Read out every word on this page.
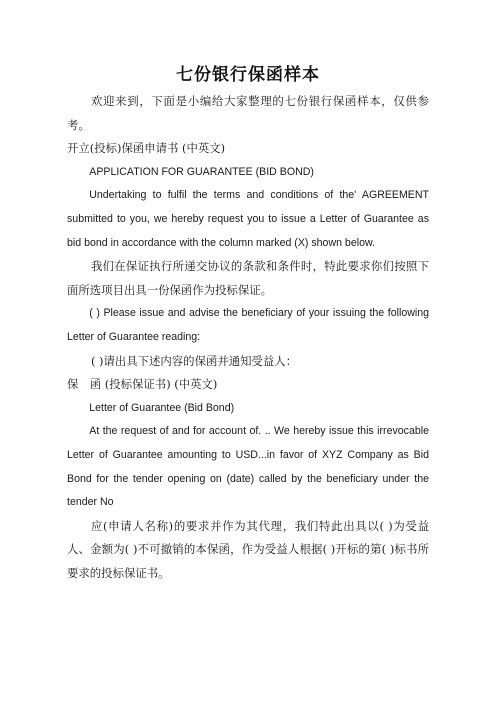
七份银行保函样本

欢迎来到，下面是小编给大家整理的七份银行保函样本，仅供参考。

开立(投标)保函申请书 (中英文)

APPLICATION FOR GUARANTEE (BID BOND)

Undertaking to fulfil the terms and conditions of the' AGREEMENT submitted to you, we hereby request you to issue a Letter of Guarantee as bid bond in accordance with the column marked (X) shown below.

我们在保证执行所递交协议的条款和条件时，特此要求你们按照下面所选项目出具一份保函作为投标保证。

( ) Please issue and advise the beneficiary of your issuing the following Letter of Guarantee reading:

( )请出具下述内容的保函并通知受益人：

保　函 (投标保证书) (中英文)

Letter of Guarantee (Bid Bond)

At the request of and for account of. .. We hereby issue this irrevocable Letter of Guarantee amounting to USD...in favor of XYZ Company as Bid Bond for the tender opening on (date) called by the beneficiary under the tender No

应(申请人名称)的要求并作为其代理，我们特此出具以( )为受益人、金额为( )不可撤销的本保函，作为受益人根据( )开标的第( )标书所要求的投标保证书。
